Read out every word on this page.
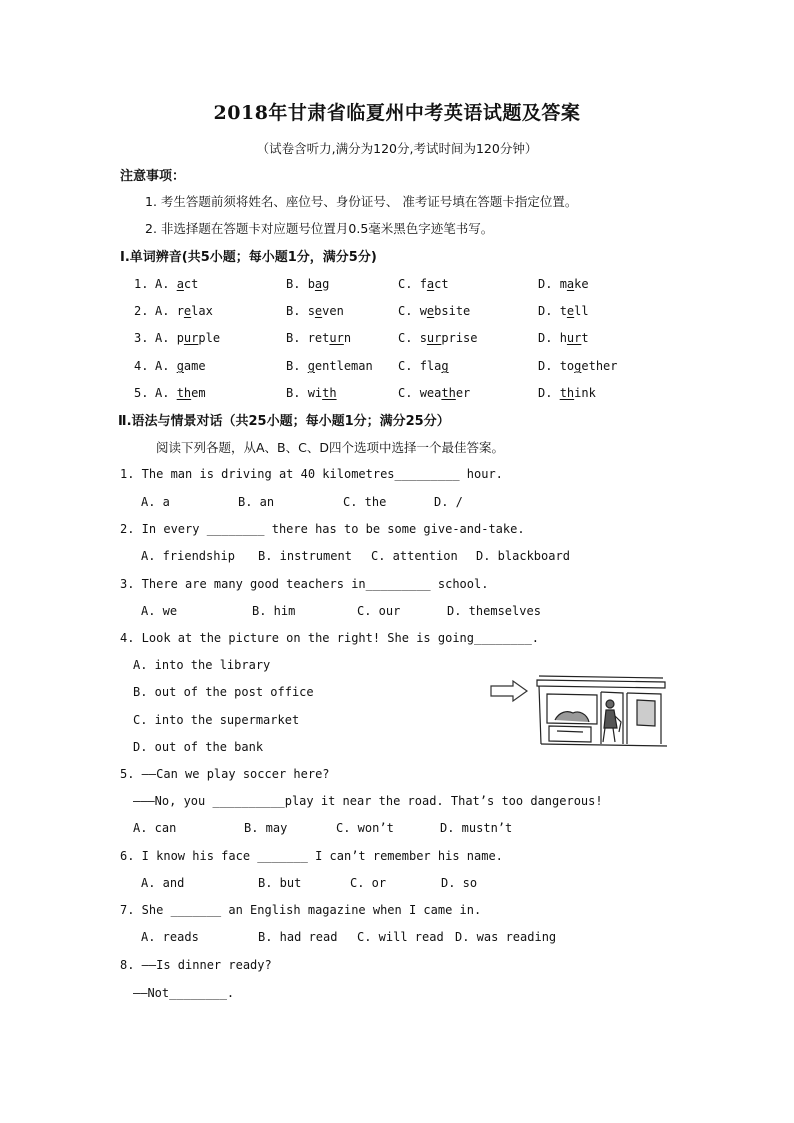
2018年甘肃省临夏州中考英语试题及答案
（试卷含听力,满分为120分,考试时间为120分钟）
注意事项：
1. 考生答题前须将姓名、座位号、身份证号、 准考证号填在答题卡指定位置。
2. 非选择题在答题卡对应题号位置月0.5毫米黑色字迹笔书写。
I.单词辨音(共5小题；每小题1分，满分5分)
1. A. act	B. bag	C. fact	D. make
2. A. relax	B. seven	C. website	D. tell
3. A. purple	B. return	C. surprise	D. hurt
4. A. game	B. gentleman C. flag	D. together
5. A. them	B. with	C. weather	D. think
Ⅱ.语法与情景对话（共25小题；每小题1分；满分25分）
阅读下列各题，从A、B、C、D四个选项中选择一个最佳答案。
1. The man is driving at 40 kilometres_________ hour.
A. a	B. an	C. the	D. /
2. In every ________ there has to be some give-and-take.
A. friendship B. instrument C. attention D. blackboard
3. There are many good teachers in_________ school.
A. we	B. him	C. our	D. themselves
4. Look at the picture on the right! She is going________.
A. into the library
B. out of the post office
C. into the supermarket
D. out of the bank
5. ——Can we play soccer here?
———No, you __________play it near the road. That’s too dangerous!
A. can	B. may	C. won’t	D. mustn’t
6. I know his face _______ I can’t remember his name.
A. and	B. but	C. or	D. so
7. She _______ an English magazine when I came in.
A. reads	B. had read C. will read D. was reading
8. ——Is dinner ready?
——Not________.
